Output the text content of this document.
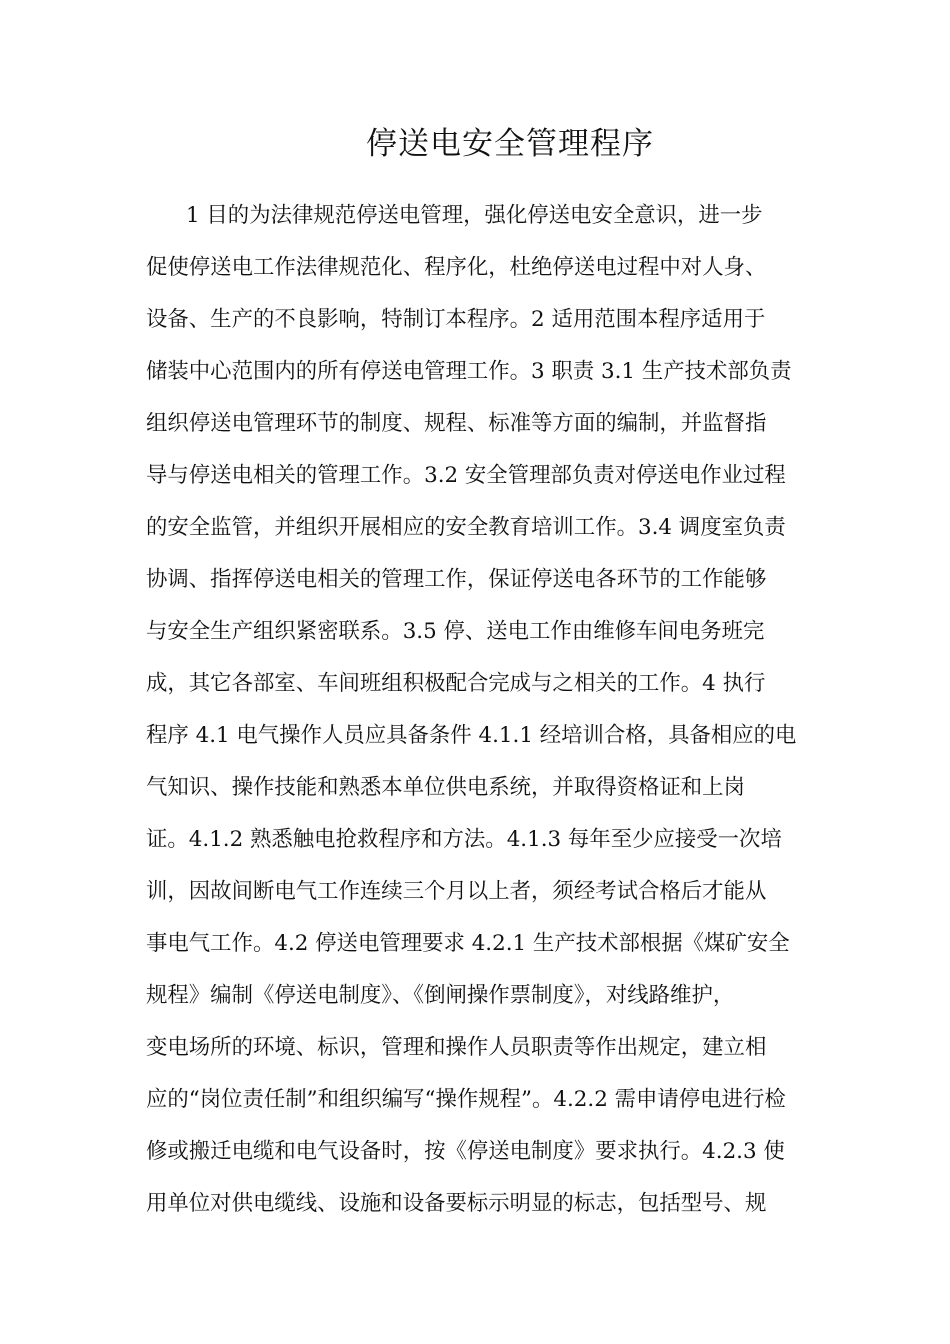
停送电安全管理程序
1 目的为法律规范停送电管理，强化停送电安全意识，进一步
促使停送电工作法律规范化、程序化，杜绝停送电过程中对人身、
设备、生产的不良影响，特制订本程序。2 适用范围本程序适用于
储装中心范围内的所有停送电管理工作。3 职责 3.1 生产技术部负责
组织停送电管理环节的制度、规程、标准等方面的编制，并监督指
导与停送电相关的管理工作。3.2 安全管理部负责对停送电作业过程
的安全监管，并组织开展相应的安全教育培训工作。3.4 调度室负责
协调、指挥停送电相关的管理工作，保证停送电各环节的工作能够
与安全生产组织紧密联系。3.5 停、送电工作由维修车间电务班完
成，其它各部室、车间班组积极配合完成与之相关的工作。4 执行
程序 4.1 电气操作人员应具备条件 4.1.1 经培训合格，具备相应的电
气知识、操作技能和熟悉本单位供电系统，并取得资格证和上岗
证。4.1.2 熟悉触电抢救程序和方法。4.1.3 每年至少应接受一次培
训，因故间断电气工作连续三个月以上者，须经考试合格后才能从
事电气工作。4.2 停送电管理要求 4.2.1 生产技术部根据《煤矿安全
规程》编制《停送电制度》、《倒闸操作票制度》，对线路维护，
变电场所的环境、标识，管理和操作人员职责等作出规定，建立相
应的“岗位责任制”和组织编写“操作规程”。4.2.2 需申请停电进行检
修或搬迁电缆和电气设备时，按《停送电制度》要求执行。4.2.3 使
用单位对供电缆线、设施和设备要标示明显的标志，包括型号、规
